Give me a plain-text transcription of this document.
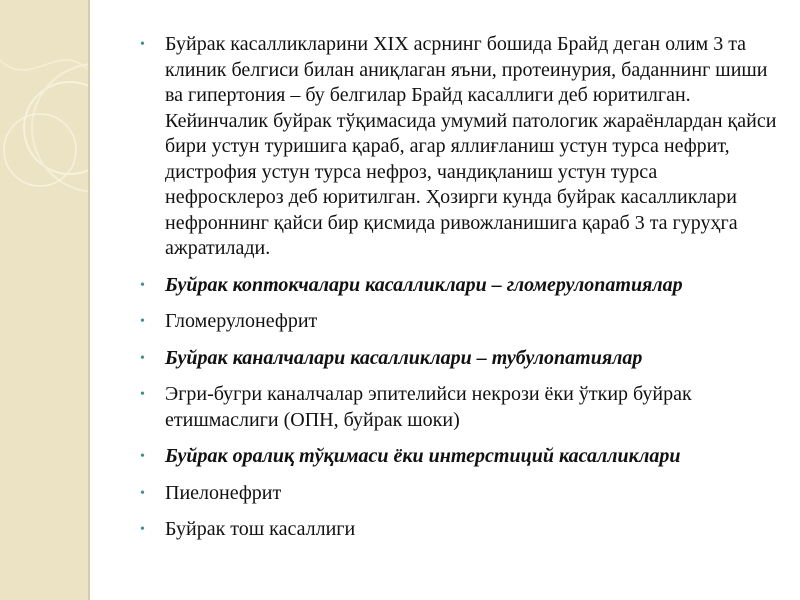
• Буйрак касалликларини XIX асрнинг бошида Брайд деган олим 3 та клиник белгиси билан аниқлаган яъни, протеинурия, баданнинг шиши ва гипертония – бу белгилар Брайд касаллиги деб юритилган. Кейинчалик буйрак тўқимасида умумий патологик жараёнлардан қайси бири устун туришига қараб, агар яллиғланиш устун турса нефрит, дистрофия устун турса нефроз, чандиқланиш устун турса нефросклероз деб юритилган. Ҳозирги кунда буйрак касалликлари нефроннинг қайси бир қисмида ривожланишига қараб 3 та гуруҳга ажратилади.
• Буйрак коптокчалари касалликлари – гломерулопатиялар
• Гломерулонефрит
• Буйрак каналчалари касалликлари – тубулопатиялар
• Эгри-бугри каналчалар эпителийси некрози ёки ўткир буйрак етишмаслиги (ОПН, буйрак шоки)
• Буйрак оралиқ тўқимаси ёки интерстиций касалликлари
• Пиелонефрит
• Буйрак тош касаллиги
